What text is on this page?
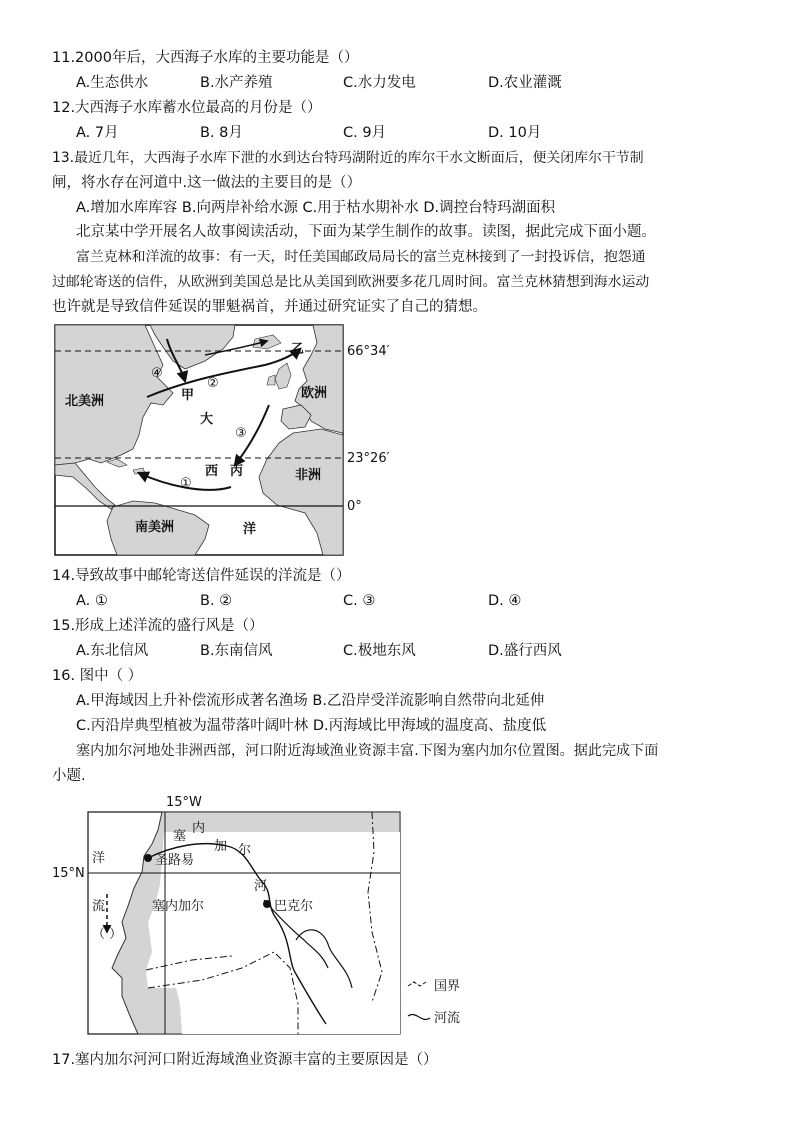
11.2000年后，大西海子水库的主要功能是（）
A.生态供水	B.水产养殖	C.水力发电	D.农业灌溉
12.大西海子水库蓄水位最高的月份是（）
A. 7月	B. 8月	C. 9月	D. 10月
13.最近几年，大西海子水库下泄的水到达台特玛湖附近的库尔干水文断面后，便关闭库尔干节制
闸，将水存在河道中.这一做法的主要目的是（）
A.增加水库库容 B.向两岸补给水源 C.用于枯水期补水 D.调控台特玛湖面积
北京某中学开展名人故事阅读活动，下面为某学生制作的故事。读图，据此完成下面小题。
富兰克林和洋流的故事：有一天，时任美国邮政局局长的富兰克林接到了一封投诉信，抱怨通
过邮轮寄送的信件，从欧洲到美国总是比从美国到欧洲要多花几周时间。富兰克林猜想到海水运动
也许就是导致信件延误的罪魁祸首，并通过研究证实了自己的猜想。
66°34′
23°26′
0°
北美洲
欧洲
非洲
南美洲
大
西
洋
甲
乙
丙
①
②
③
④
14.导致故事中邮轮寄送信件延误的洋流是（）
A. ①	B. ②	C. ③	D. ④
15.形成上述洋流的盛行风是（）
A.东北信风	B.东南信风	C.极地东风	D.盛行西风
16. 图中（ ）
A.甲海域因上升补偿流形成著名渔场 B.乙沿岸受洋流影响自然带向北延伸
C.丙沿岸典型植被为温带落叶阔叶林 D.丙海域比甲海域的温度高、盐度低
塞内加尔河地处非洲西部，河口附近海域渔业资源丰富.下图为塞内加尔位置图。据此完成下面
小题.
15°W
15°N
洋
流
（ ）
圣路易
巴克尔
塞
内
加 尔
河
塞内加尔
国界
河流
17.塞内加尔河河口附近海域渔业资源丰富的主要原因是（）
